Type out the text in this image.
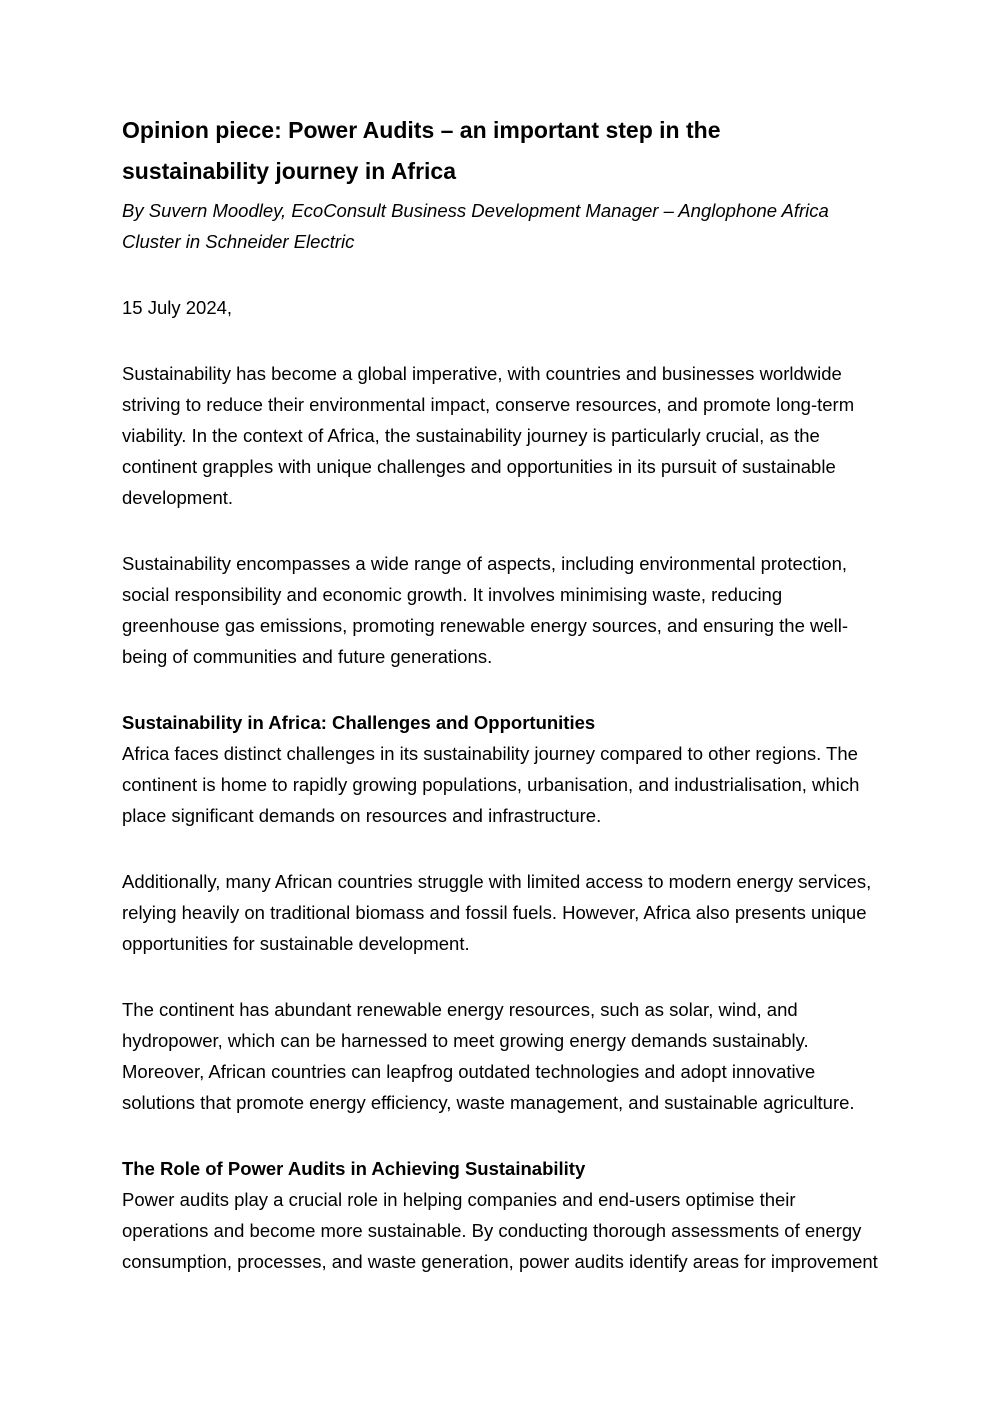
Opinion piece: Power Audits – an important step in the sustainability journey in Africa

By Suvern Moodley, EcoConsult Business Development Manager – Anglophone Africa Cluster in Schneider Electric

15 July 2024,

Sustainability has become a global imperative, with countries and businesses worldwide striving to reduce their environmental impact, conserve resources, and promote long-term viability. In the context of Africa, the sustainability journey is particularly crucial, as the continent grapples with unique challenges and opportunities in its pursuit of sustainable development.

Sustainability encompasses a wide range of aspects, including environmental protection, social responsibility and economic growth. It involves minimising waste, reducing greenhouse gas emissions, promoting renewable energy sources, and ensuring the well-being of communities and future generations.

Sustainability in Africa: Challenges and Opportunities

Africa faces distinct challenges in its sustainability journey compared to other regions. The continent is home to rapidly growing populations, urbanisation, and industrialisation, which place significant demands on resources and infrastructure.

Additionally, many African countries struggle with limited access to modern energy services, relying heavily on traditional biomass and fossil fuels. However, Africa also presents unique opportunities for sustainable development.

The continent has abundant renewable energy resources, such as solar, wind, and hydropower, which can be harnessed to meet growing energy demands sustainably. Moreover, African countries can leapfrog outdated technologies and adopt innovative solutions that promote energy efficiency, waste management, and sustainable agriculture.

The Role of Power Audits in Achieving Sustainability

Power audits play a crucial role in helping companies and end-users optimise their operations and become more sustainable. By conducting thorough assessments of energy consumption, processes, and waste generation, power audits identify areas for improvement
